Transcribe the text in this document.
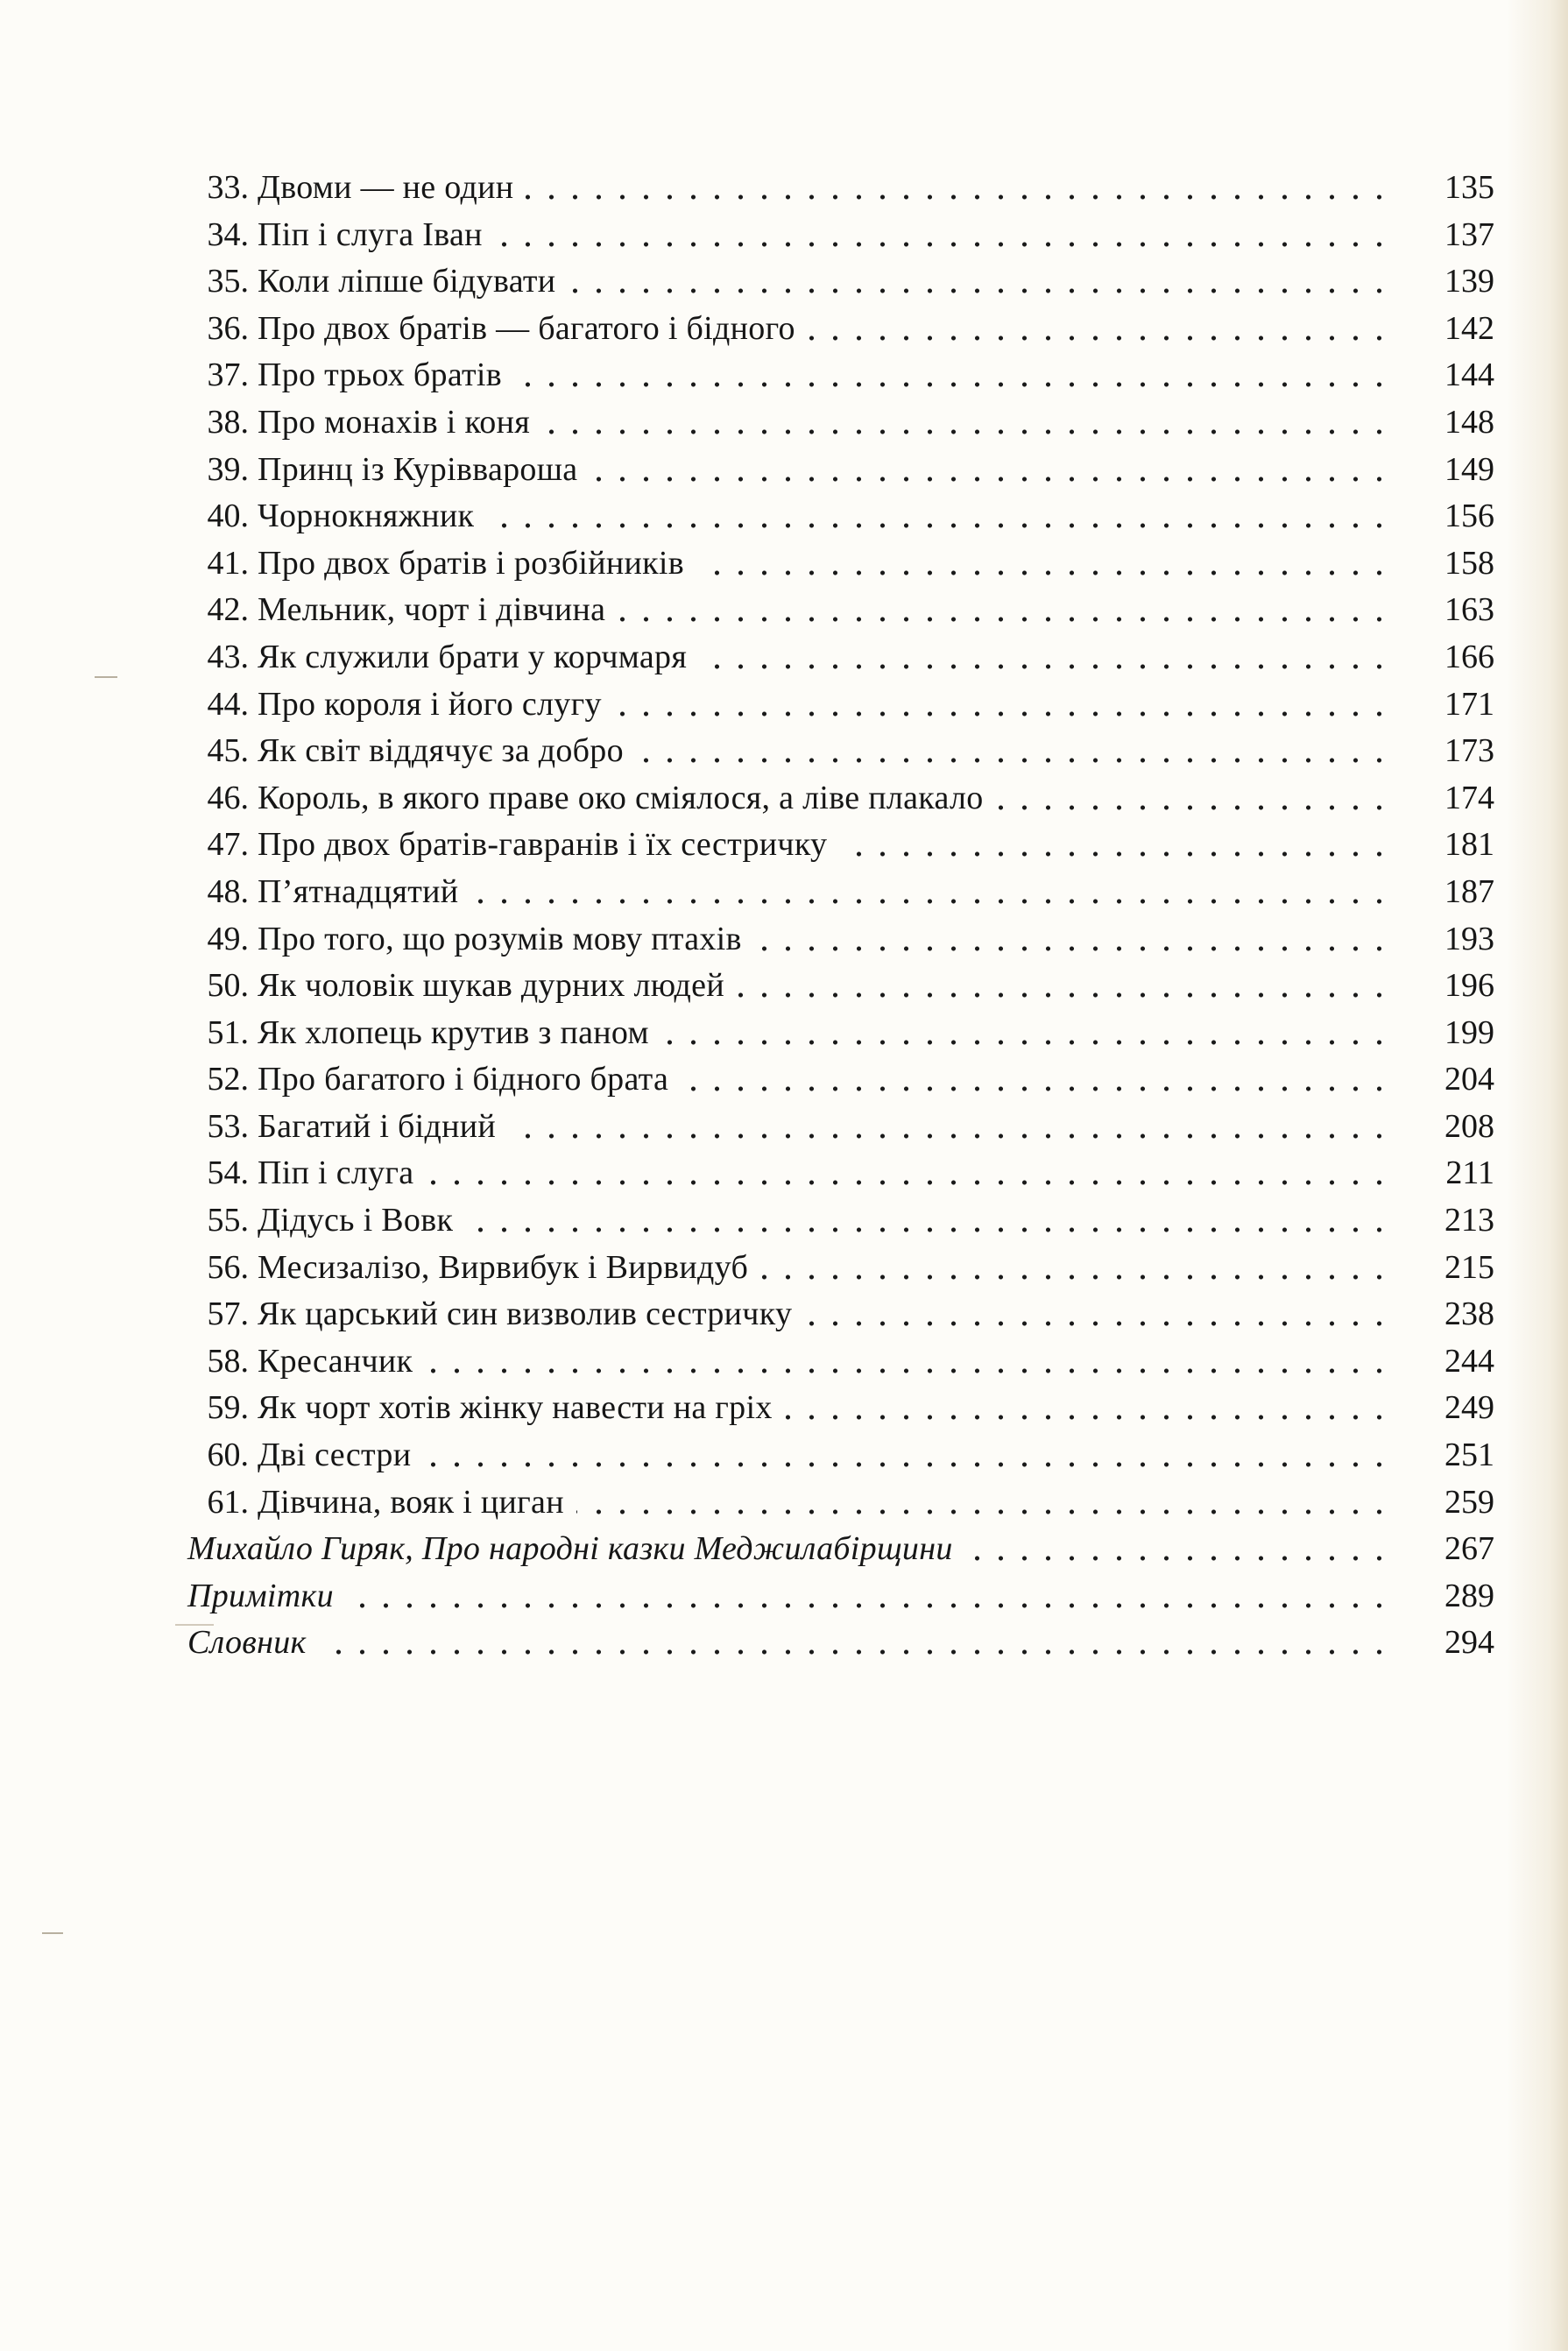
33. Двоми — не один	135
34. Піп і слуга Іван	137
35. Коли ліпше бідувати	139
36. Про двох братів — багатого і бідного	142
37. Про трьох братів	144
38. Про монахів і коня	148
39. Принц із Куріввароша	149
40. Чорнокняжник	156
41. Про двох братів і розбійників	158
42. Мельник, чорт і дівчина	163
43. Як служили брати у корчмаря	166
44. Про короля і його слугу	171
45. Як світ віддячує за добро	173
46. Король, в якого праве око сміялося, а ліве плакало	174
47. Про двох братів-гавранів і їх сестричку	181
48. П’ятнадцятий	187
49. Про того, що розумів мову птахів	193
50. Як чоловік шукав дурних людей	196
51. Як хлопець крутив з паном	199
52. Про багатого і бідного брата	204
53. Багатий і бідний	208
54. Піп і слуга	211
55. Дідусь і Вовк	213
56. Месизалізо, Вирвибук і Вирвидуб	215
57. Як царський син визволив сестричку	238
58. Кресанчик	244
59. Як чорт хотів жінку навести на гріх	249
60. Дві сестри	251
61. Дівчина, вояк і циган	259
Михайло Гиряк, Про народні казки Меджилабірщини	267
Примітки	289
Словник	294
